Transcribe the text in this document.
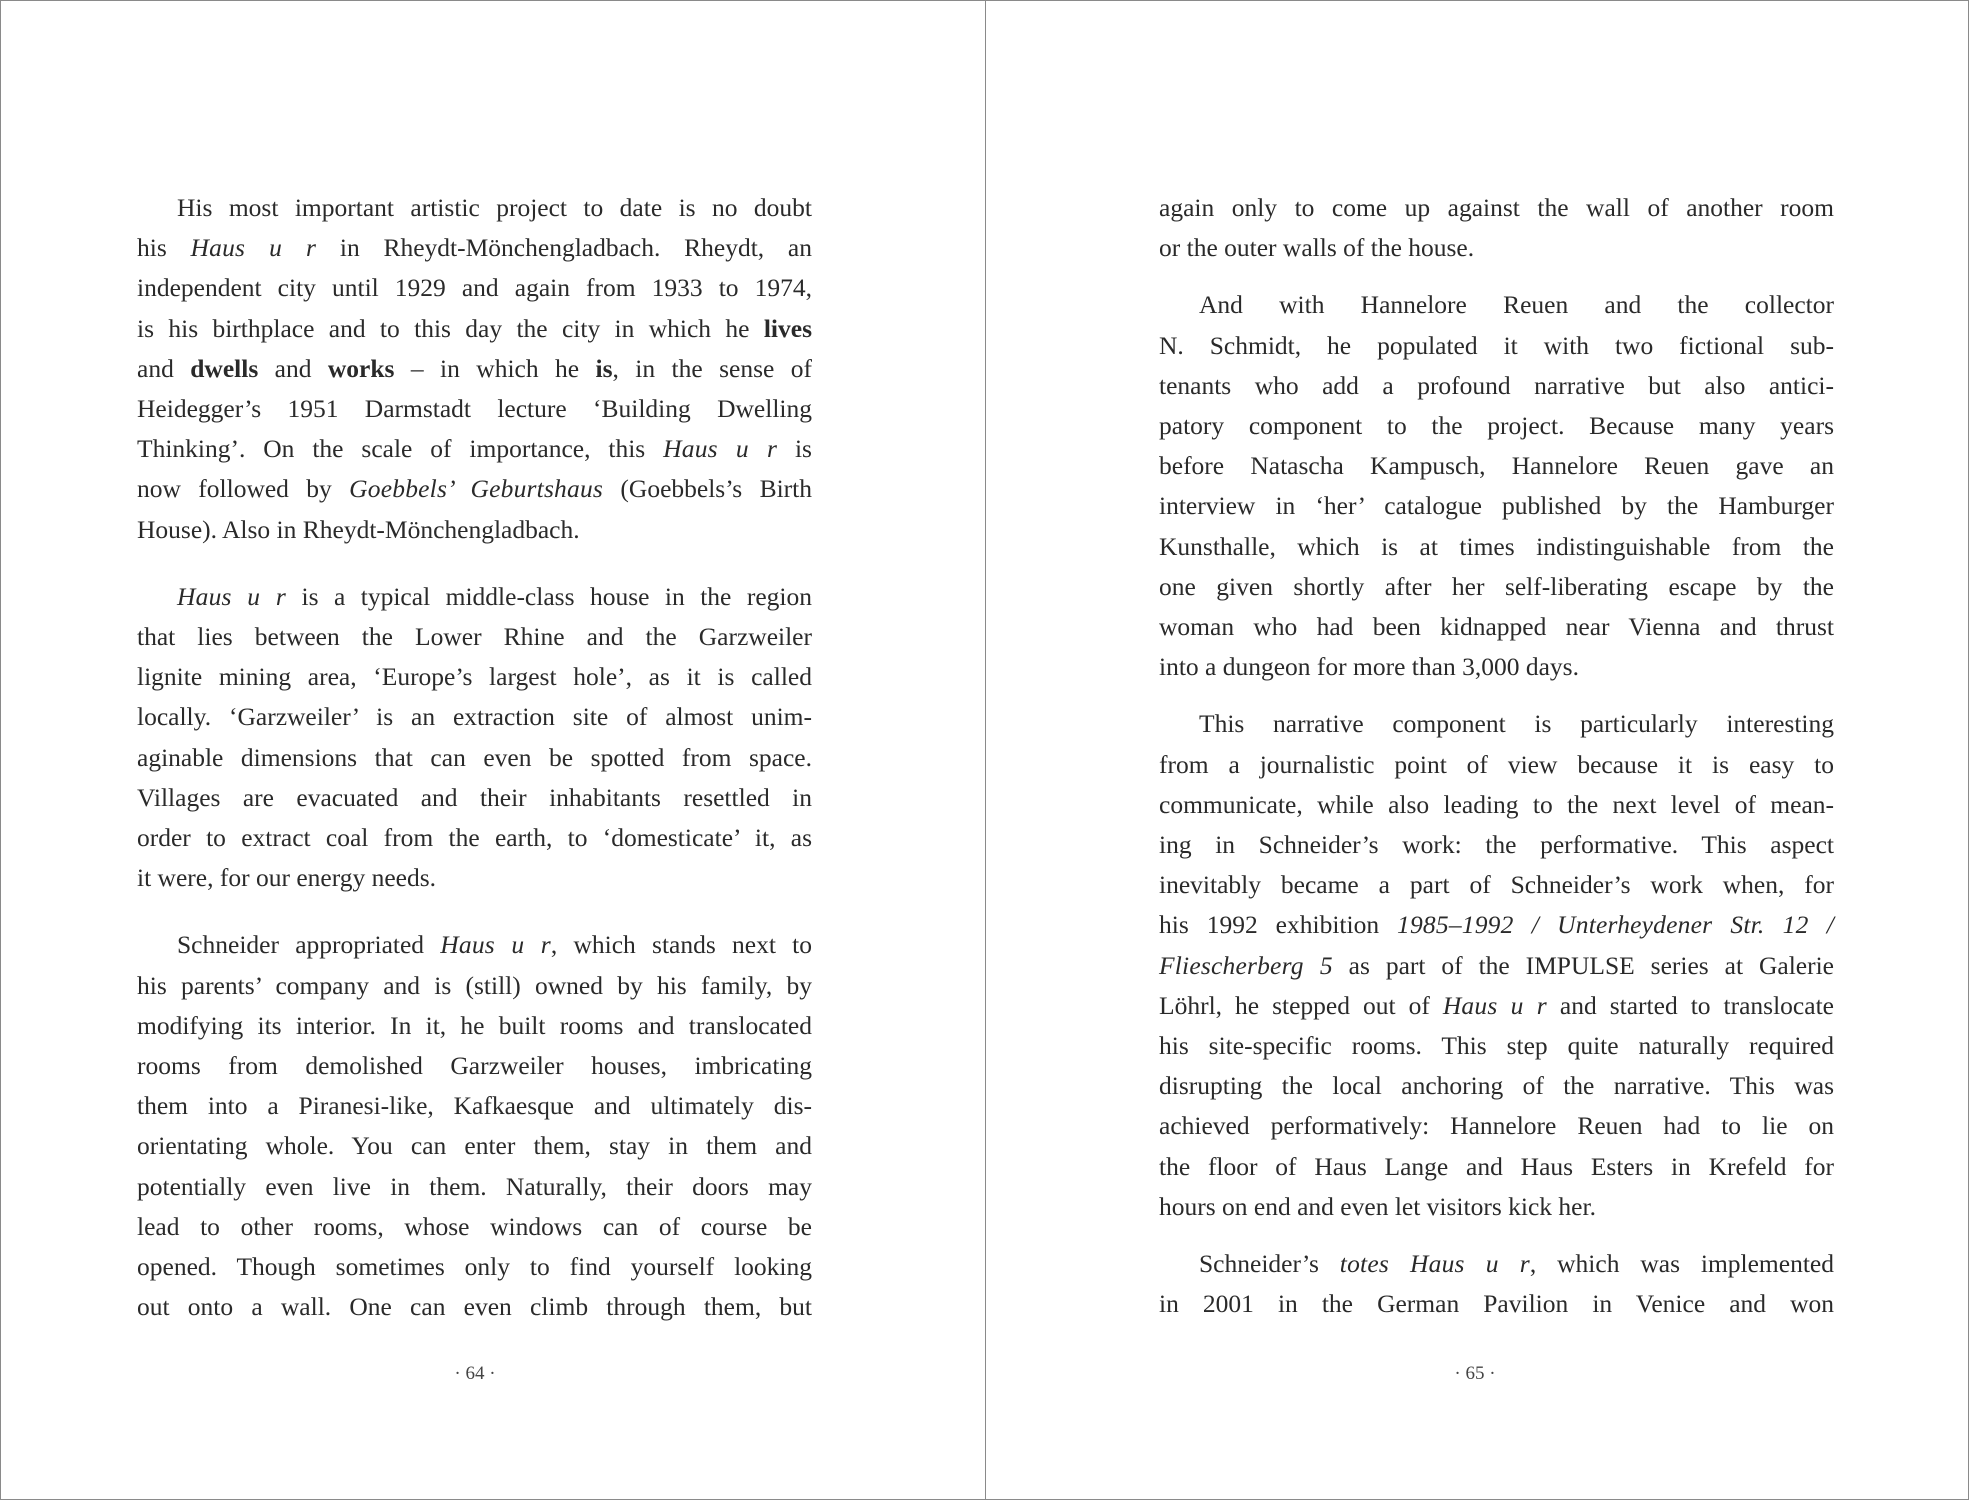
His most important artistic project to date is no doubt
his Haus u r in Rheydt-Mönchengladbach. Rheydt, an
independent city until 1929 and again from 1933 to 1974,
is his birthplace and to this day the city in which he lives
and dwells and works – in which he is, in the sense of
Heidegger’s 1951 Darmstadt lecture ‘Building Dwelling
Thinking’. On the scale of importance, this Haus u r is
now followed by Goebbels’ Geburtshaus (Goebbels’s Birth
House). Also in Rheydt-Mönchengladbach.
Haus u r is a typical middle-class house in the region
that lies between the Lower Rhine and the Garzweiler
lignite mining area, ‘Europe’s largest hole’, as it is called
locally. ‘Garzweiler’ is an extraction site of almost unim-
aginable dimensions that can even be spotted from space.
Villages are evacuated and their inhabitants resettled in
order to extract coal from the earth, to ‘domesticate’ it, as
it were, for our energy needs.
Schneider appropriated Haus u r, which stands next to
his parents’ company and is (still) owned by his family, by
modifying its interior. In it, he built rooms and translocated
rooms from demolished Garzweiler houses, imbricating
them into a Piranesi-like, Kafkaesque and ultimately dis-
orientating whole. You can enter them, stay in them and
potentially even live in them. Naturally, their doors may
lead to other rooms, whose windows can of course be
opened. Though sometimes only to find yourself looking
out onto a wall. One can even climb through them, but
· 64 ·
again only to come up against the wall of another room
or the outer walls of the house.
And with Hannelore Reuen and the collector
N. Schmidt, he populated it with two fictional sub-
tenants who add a profound narrative but also antici-
patory component to the project. Because many years
before Natascha Kampusch, Hannelore Reuen gave an
interview in ‘her’ catalogue published by the Hamburger
Kunsthalle, which is at times indistinguishable from the
one given shortly after her self-liberating escape by the
woman who had been kidnapped near Vienna and thrust
into a dungeon for more than 3,000 days.
This narrative component is particularly interesting
from a journalistic point of view because it is easy to
communicate, while also leading to the next level of mean-
ing in Schneider’s work: the performative. This aspect
inevitably became a part of Schneider’s work when, for
his 1992 exhibition 1985–1992 / Unterheydener Str. 12 /
Fliescherberg 5 as part of the IMPULSE series at Galerie
Löhrl, he stepped out of Haus u r and started to translocate
his site-specific rooms. This step quite naturally required
disrupting the local anchoring of the narrative. This was
achieved performatively: Hannelore Reuen had to lie on
the floor of Haus Lange and Haus Esters in Krefeld for
hours on end and even let visitors kick her.
Schneider’s totes Haus u r, which was implemented
in 2001 in the German Pavilion in Venice and won
· 65 ·
